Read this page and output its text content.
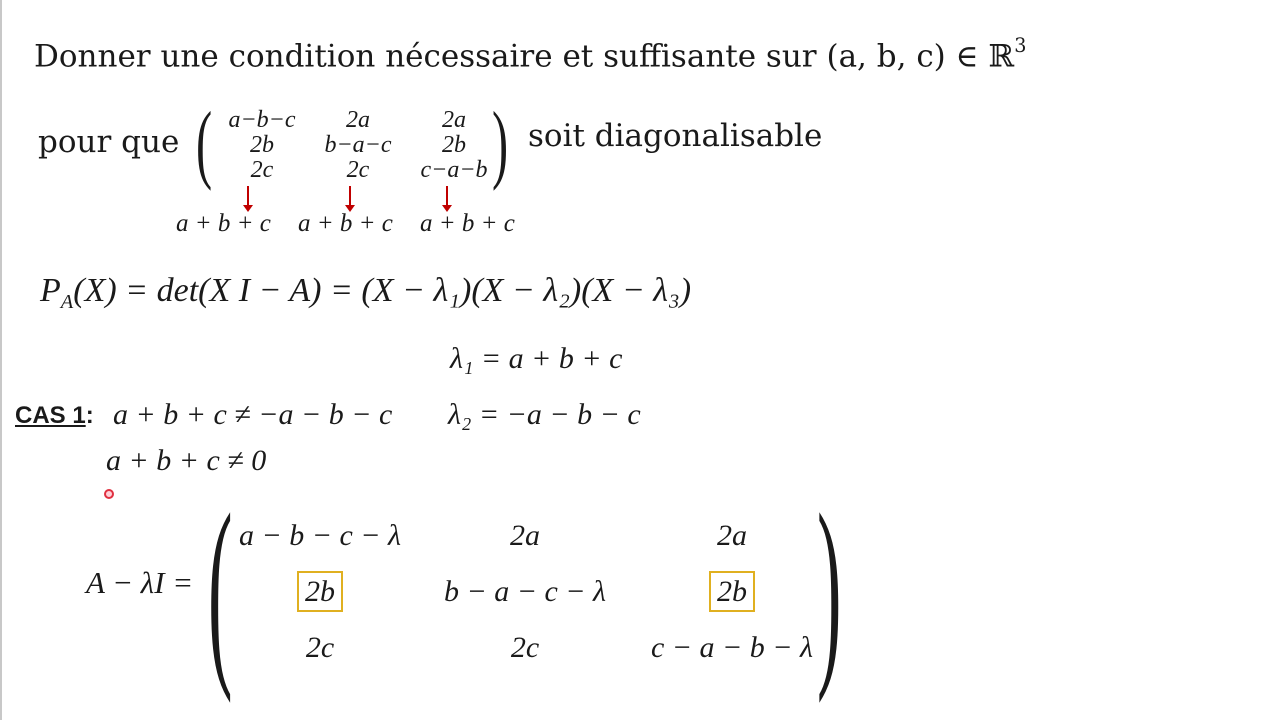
Donner une condition nécessaire et suffisante sur (a, b, c) ∈ ℝ$^3$
pour que (	)
a−b−c	2a	2a
2b	b−a−c	2b
2c	2c	c−a−b
soit diagonalisable
a + b + c a + b + c a + b + c
$P_A(X) = \det(X$ I − A) = (X − λ₁)(X − λ₂)(X − λ₃)
λ₁ = a + b + c
λ₂ = −a − b − c
CAS 1: a + b + c ≠ −a − b − c
a + b + c ≠ 0
A − λI = (	)
a − b − c − λ	2a	2a
2b	b − a − c − λ	2b
2c	2c	c − a − b − λ
